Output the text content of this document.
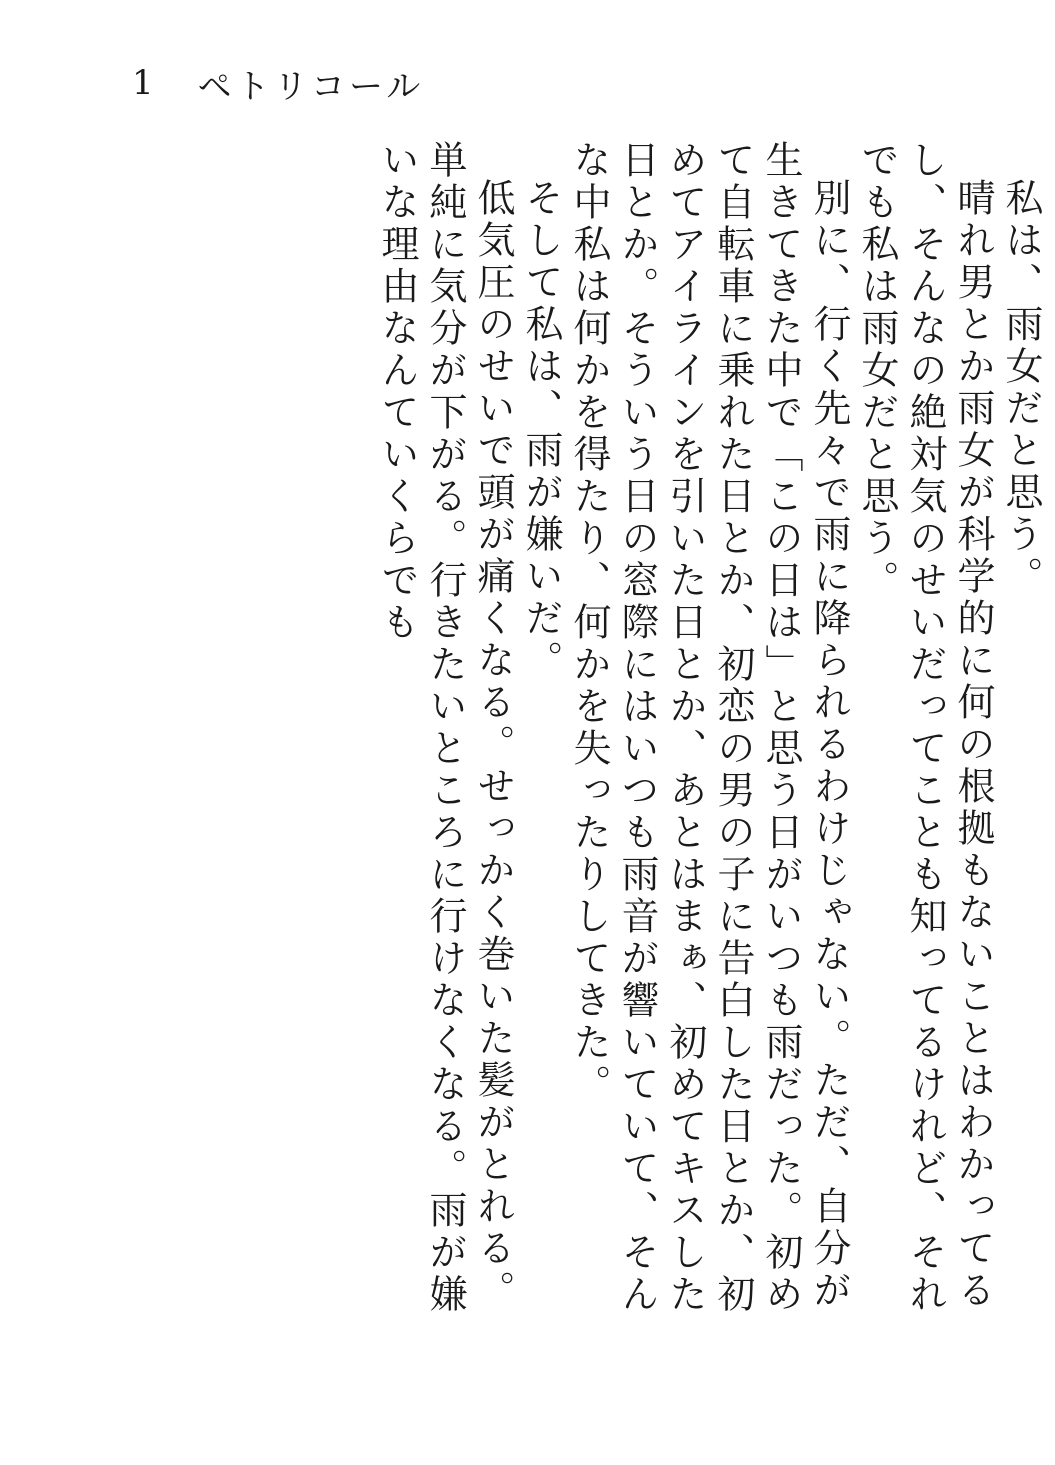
1 ペトリコール

私は、雨女だと思う。

晴れ男とか雨女が科学的に何の根拠もないことはわかってるし、そんなの絶対気のせいだってことも知ってるけれど、それでも私は雨女だと思う。

別に、行く先々で雨に降られるわけじゃない。ただ、自分が生きてきた中で「この日は」と思う日がいつも雨だった。初めて自転車に乗れた日とか、初恋の男の子に告白した日とか、初めてアイラインを引いた日とか、あとはまぁ、初めてキスした日とか。そういう日の窓際にはいつも雨音が響いていて、そんな中私は何かを得たり、何かを失ったりしてきた。

そして私は、雨が嫌いだ。

低気圧のせいで頭が痛くなる。せっかく巻いた髪がとれる。単純に気分が下がる。行きたいところに行けなくなる。雨が嫌いな理由なんていくらでも
